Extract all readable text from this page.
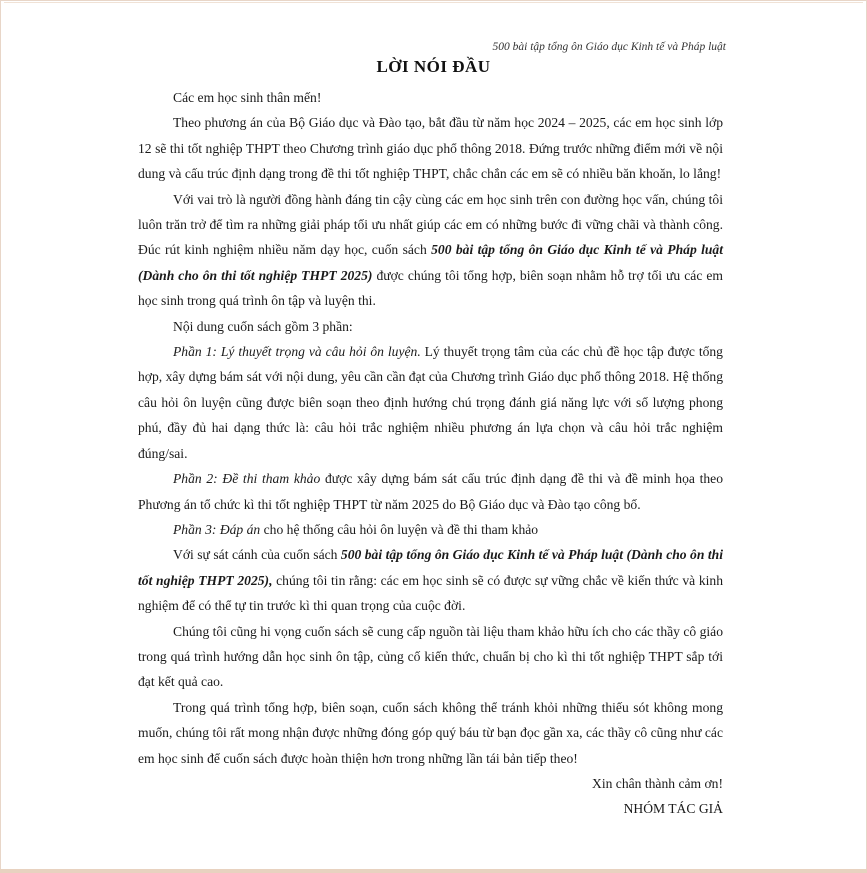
500 bài tập tổng ôn Giáo dục Kinh tế và Pháp luật
LỜI NÓI ĐẦU

Các em học sinh thân mến!

Theo phương án của Bộ Giáo dục và Đào tạo, bắt đầu từ năm học 2024 – 2025, các em học sinh lớp 12 sẽ thi tốt nghiệp THPT theo Chương trình giáo dục phổ thông 2018. Đứng trước những điểm mới về nội dung và cấu trúc định dạng trong đề thi tốt nghiệp THPT, chắc chắn các em sẽ có nhiều băn khoăn, lo lắng!

Với vai trò là người đồng hành đáng tin cậy cùng các em học sinh trên con đường học vấn, chúng tôi luôn trăn trở để tìm ra những giải pháp tối ưu nhất giúp các em có những bước đi vững chãi và thành công. Đúc rút kinh nghiệm nhiều năm dạy học, cuốn sách 500 bài tập tổng ôn Giáo dục Kinh tế và Pháp luật (Dành cho ôn thi tốt nghiệp THPT 2025) được chúng tôi tổng hợp, biên soạn nhằm hỗ trợ tối ưu các em học sinh trong quá trình ôn tập và luyện thi.

Nội dung cuốn sách gồm 3 phần:

Phần 1: Lý thuyết trọng và câu hỏi ôn luyện. Lý thuyết trọng tâm của các chủ đề học tập được tổng hợp, xây dựng bám sát với nội dung, yêu cần cần đạt của Chương trình Giáo dục phổ thông 2018. Hệ thống câu hỏi ôn luyện cũng được biên soạn theo định hướng chú trọng đánh giá năng lực với số lượng phong phú, đầy đủ hai dạng thức là: câu hỏi trắc nghiệm nhiều phương án lựa chọn và câu hỏi trắc nghiệm đúng/sai.

Phần 2: Đề thi tham khảo được xây dựng bám sát cấu trúc định dạng đề thi và đề minh họa theo Phương án tổ chức kì thi tốt nghiệp THPT từ năm 2025 do Bộ Giáo dục và Đào tạo công bố.

Phần 3: Đáp án cho hệ thống câu hỏi ôn luyện và đề thi tham khảo

Với sự sát cánh của cuốn sách 500 bài tập tổng ôn Giáo dục Kinh tế và Pháp luật (Dành cho ôn thi tốt nghiệp THPT 2025), chúng tôi tin rằng: các em học sinh sẽ có được sự vững chắc về kiến thức và kinh nghiệm để có thể tự tin trước kì thi quan trọng của cuộc đời.

Chúng tôi cũng hi vọng cuốn sách sẽ cung cấp nguồn tài liệu tham khảo hữu ích cho các thầy cô giáo trong quá trình hướng dẫn học sinh ôn tập, củng cố kiến thức, chuẩn bị cho kì thi tốt nghiệp THPT sắp tới đạt kết quả cao.

Trong quá trình tổng hợp, biên soạn, cuốn sách không thể tránh khỏi những thiếu sót không mong muốn, chúng tôi rất mong nhận được những đóng góp quý báu từ bạn đọc gần xa, các thầy cô cũng như các em học sinh để cuốn sách được hoàn thiện hơn trong những lần tái bản tiếp theo!

Xin chân thành cảm ơn!

NHÓM TÁC GIẢ
